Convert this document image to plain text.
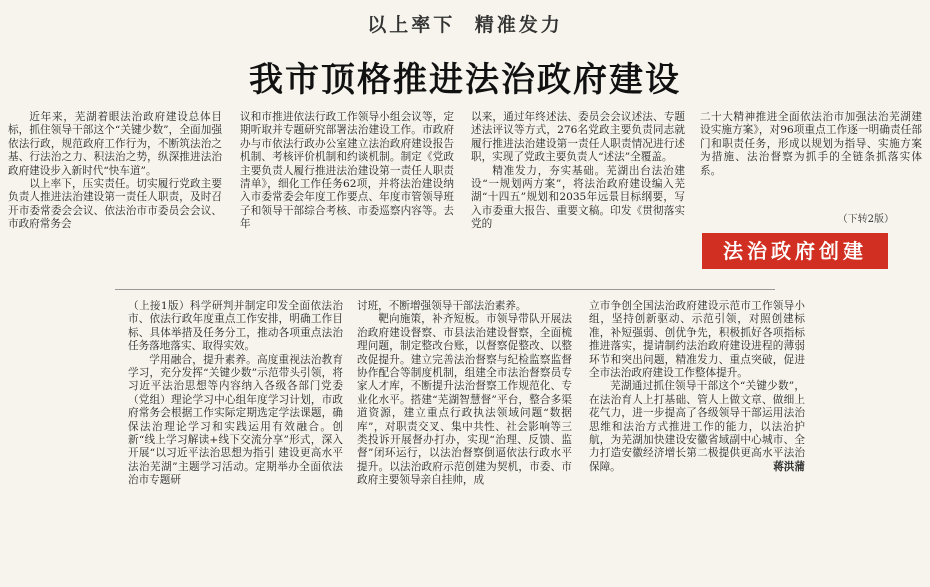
以上率下 精准发力
我市顶格推进法治政府建设

近年来，芜湖着眼法治政府建设总体目标，抓住领导干部这个“关键少数”，全面加强依法行政，规范政府工作行为，不断筑法治之基、行法治之力、积法治之势，纵深推进法治政府建设步入新时代“快车道”。

以上率下，压实责任。切实履行党政主要负责人推进法治建设第一责任人职责，及时召开市委常委会会议、依法治市市委员会会议、市政府常务会

议和市推进依法行政工作领导小组会议等，定期听取并专题研究部署法治建设工作。市政府办与市依法行政办公室建立法治政府建设报告机制、考核评价机制和约谈机制。制定《党政主要负责人履行推进法治建设第一责任人职责清单》，细化工作任务62项，并将法治建设纳入市委常委会年度工作要点、年度市管领导班子和领导干部综合考核、市委巡察内容等。去年

以来，通过年终述法、委员会会议述法、专题述法评议等方式，276名党政主要负责同志就履行推进法治建设第一责任人职责情况进行述职，实现了党政主要负责人“述法”全覆盖。

精准发力，夯实基础。芜湖出台法治建设“一规划两方案”，将法治政府建设编入芜湖“十四五”规划和2035年远景目标纲要，写入市委重大报告、重要文稿。印发《贯彻落实党的

二十大精神推进全面依法治市加强法治芜湖建设实施方案》，对96项重点工作逐一明确责任部门和职责任务，形成以规划为指导、实施方案为措施、法治督察为抓手的全链条抓落实体系。

（下转2版）
法治政府创建

（上接1版）科学研判并制定印发全面依法治市、依法行政年度重点工作安排，明确工作目标、具体举措及任务分工，推动各项重点法治任务落地落实、取得实效。

学用融合，提升素养。高度重视法治教育学习，充分发挥“关键少数”示范带头引领，将习近平法治思想等内容纳入各级各部门党委（党组）理论学习中心组年度学习计划，市政府常务会根据工作实际定期选定学法课题，确保法治理论学习和实践运用有效融合。创新“线上学习解读+线下交流分享”形式，深入开展“以习近平法治思想为指引 建设更高水平法治芜湖”主题学习活动。定期举办全面依法治市专题研

讨班，不断增强领导干部法治素养。

靶向施策，补齐短板。市领导带队开展法治政府建设督察、市县法治建设督察，全面梳理问题，制定整改台账，以督察促整改、以整改促提升。建立完善法治督察与纪检监察监督协作配合等制度机制，组建全市法治督察员专家人才库，不断提升法治督察工作规范化、专业化水平。搭建“芜湖智慧督”平台，整合多渠道资源，建立重点行政执法领域问题“数据库”，对职责交叉、集中共性、社会影响等三类投诉开展督办打办，实现“治理、反馈、监督”闭环运行，以法治督察倒逼依法行政水平提升。以法治政府示范创建为契机，市委、市政府主要领导亲自挂帅，成

立市争创全国法治政府建设示范市工作领导小组，坚持创新驱动、示范引领，对照创建标准，补短强弱、创优争先，积极抓好各项指标推进落实，提请制约法治政府建设进程的薄弱环节和突出问题，精准发力、重点突破，促进全市法治政府建设工作整体提升。

芜湖通过抓住领导干部这个“关键少数”，在法治育人上打基础、管人上做文章、做细上花气力，进一步提高了各级领导干部运用法治思维和法治方式推进工作的能力，以法治护航，为芜湖加快建设安徽省域副中心城市、全力打造安徽经济增长第二极提供更高水平法治保障。	蒋洪蒲
